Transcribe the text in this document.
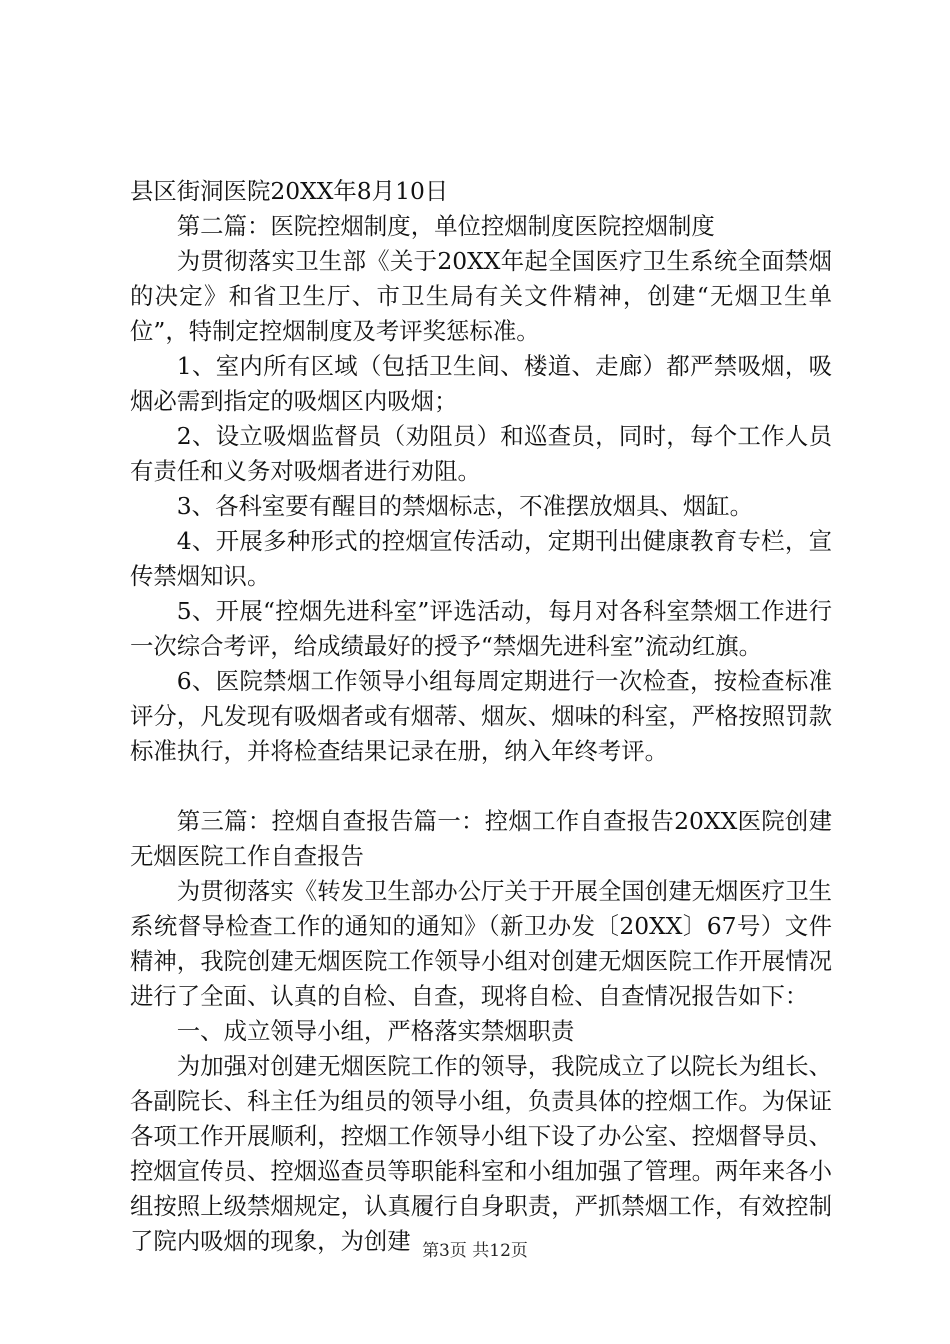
县区街洞医院20XX年8月10日

第二篇：医院控烟制度，单位控烟制度医院控烟制度

为贯彻落实卫生部《关于20XX年起全国医疗卫生系统全面禁烟的决定》和省卫生厅、市卫生局有关文件精神，创建“无烟卫生单位”，特制定控烟制度及考评奖惩标准。

1、室内所有区域（包括卫生间、楼道、走廊）都严禁吸烟，吸烟必需到指定的吸烟区内吸烟；

2、设立吸烟监督员（劝阻员）和巡查员，同时，每个工作人员有责任和义务对吸烟者进行劝阻。

3、各科室要有醒目的禁烟标志，不准摆放烟具、烟缸。

4、开展多种形式的控烟宣传活动，定期刊出健康教育专栏，宣传禁烟知识。

5、开展“控烟先进科室”评选活动，每月对各科室禁烟工作进行一次综合考评，给成绩最好的授予“禁烟先进科室”流动红旗。

6、医院禁烟工作领导小组每周定期进行一次检查，按检查标准评分，凡发现有吸烟者或有烟蒂、烟灰、烟味的科室，严格按照罚款标准执行，并将检查结果记录在册，纳入年终考评。

第三篇：控烟自查报告篇一：控烟工作自查报告20XX医院创建无烟医院工作自查报告

为贯彻落实《转发卫生部办公厅关于开展全国创建无烟医疗卫生系统督导检查工作的通知的通知》（新卫办发〔20XX〕67号）文件精神，我院创建无烟医院工作领导小组对创建无烟医院工作开展情况进行了全面、认真的自检、自查，现将自检、自查情况报告如下：

一、成立领导小组，严格落实禁烟职责

为加强对创建无烟医院工作的领导，我院成立了以院长为组长、各副院长、科主任为组员的领导小组，负责具体的控烟工作。为保证各项工作开展顺利，控烟工作领导小组下设了办公室、控烟督导员、控烟宣传员、控烟巡查员等职能科室和小组加强了管理。两年来各小组按照上级禁烟规定，认真履行自身职责，严抓禁烟工作，有效控制了院内吸烟的现象，为创建 第3页 共12页
